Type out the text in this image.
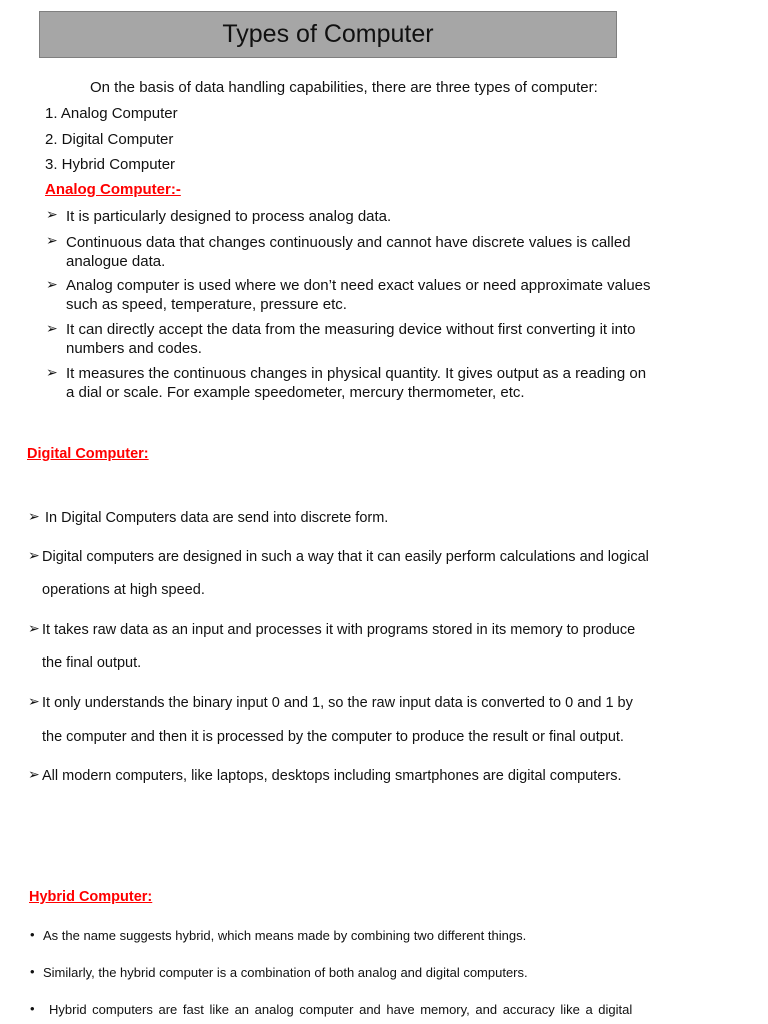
Types of Computer
On the basis of data handling capabilities, there are three types of computer:
1. Analog Computer
2. Digital Computer
3. Hybrid Computer
Analog Computer:-
➢ It is particularly designed to process analog data.
➢ Continuous data that changes continuously and cannot have discrete values is called analogue data.
➢ Analog computer is used where we don’t need exact values or need approximate values such as speed, temperature, pressure etc.
➢ It can directly accept the data from the measuring device without first converting it into numbers and codes.
➢ It measures the continuous changes in physical quantity. It gives output as a reading on a dial or scale. For example speedometer, mercury thermometer, etc.
Digital Computer:
➢ In Digital Computers data are send into discrete form.
➢ Digital computers are designed in such a way that it can easily perform calculations and logical
operations at high speed.
➢ It takes raw data as an input and processes it with programs stored in its memory to produce
the final output.
➢ It only understands the binary input 0 and 1, so the raw input data is converted to 0 and 1 by
the computer and then it is processed by the computer to produce the result or final output.
➢ All modern computers, like laptops, desktops including smartphones are digital computers.
Hybrid Computer:
• As the name suggests hybrid, which means made by combining two different things.
• Similarly, the hybrid computer is a combination of both analog and digital computers.
• Hybrid computers are fast like an analog computer and have memory, and accuracy like a digital
